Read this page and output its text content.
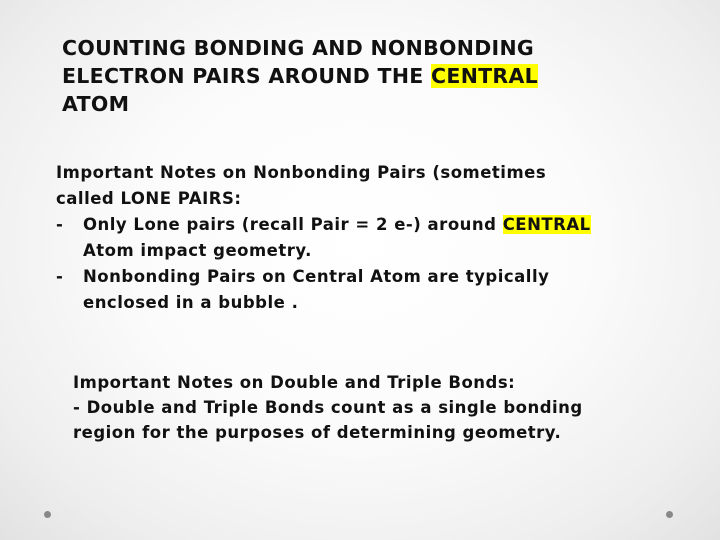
COUNTING BONDING AND NONBONDING
ELECTRON PAIRS AROUND THE CENTRAL
ATOM
Important Notes on Nonbonding Pairs (sometimes
called LONE PAIRS:
-	Only Lone pairs (recall Pair = 2 e-) around CENTRAL
Atom impact geometry.
-	Nonbonding Pairs on Central Atom are typically
enclosed in a bubble .
Important Notes on Double and Triple Bonds:
- Double and Triple Bonds count as a single bonding
region for the purposes of determining geometry.
